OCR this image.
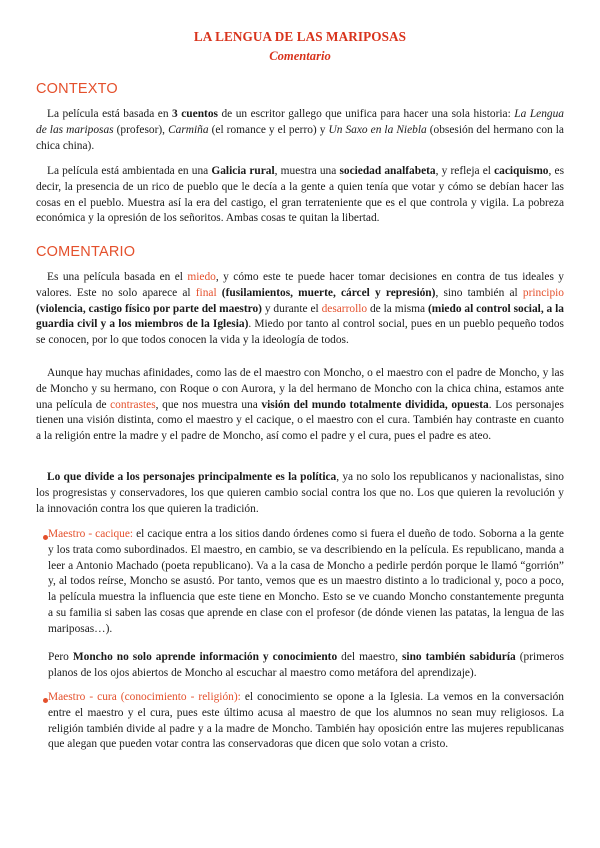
LA LENGUA DE LAS MARIPOSAS
Comentario
CONTEXTO

La película está basada en 3 cuentos de un escritor gallego que unifica para hacer una sola historia: La Lengua de las mariposas (profesor), Carmiña (el romance y el perro) y Un Saxo en la Niebla (obsesión del hermano con la chica china).

La película está ambientada en una Galicia rural, muestra una sociedad analfabeta, y refleja el caciquismo, es decir, la presencia de un rico de pueblo que le decía a la gente a quien tenía que votar y cómo se debían hacer las cosas en el pueblo. Muestra así la era del castigo, el gran terrateniente que es el que controla y vigila. La pobreza económica y la opresión de los señoritos. Ambas cosas te quitan la libertad.

COMENTARIO

Es una película basada en el miedo, y cómo este te puede hacer tomar decisiones en contra de tus ideales y valores. Este no solo aparece al final (fusilamientos, muerte, cárcel y represión), sino también al principio (violencia, castigo físico por parte del maestro) y durante el desarrollo de la misma (miedo al control social, a la guardia civil y a los miembros de la Iglesia). Miedo por tanto al control social, pues en un pueblo pequeño todos se conocen, por lo que todos conocen la vida y la ideología de todos.

Aunque hay muchas afinidades, como las de el maestro con Moncho, o el maestro con el padre de Moncho, y las de Moncho y su hermano, con Roque o con Aurora, y la del hermano de Moncho con la chica china, estamos ante una película de contrastes, que nos muestra una visión del mundo totalmente dividida, opuesta. Los personajes tienen una visión distinta, como el maestro y el cacique, o el maestro con el cura. También hay contraste en cuanto a la religión entre la madre y el padre de Moncho, así como el padre y el cura, pues el padre es ateo.

Lo que divide a los personajes principalmente es la política, ya no solo los republicanos y nacionalistas, sino los progresistas y conservadores, los que quieren cambio social contra los que no. Los que quieren la revolución y la innovación contra los que quieren la tradición.

Maestro - cacique: el cacique entra a los sitios dando órdenes como si fuera el dueño de todo. Soborna a la gente y los trata como subordinados. El maestro, en cambio, se va describiendo en la película. Es republicano, manda a leer a Antonio Machado (poeta republicano). Va a la casa de Moncho a pedirle perdón porque le llamó “gorrión” y, al todos reírse, Moncho se asustó. Por tanto, vemos que es un maestro distinto a lo tradicional y, poco a poco, la película muestra la influencia que este tiene en Moncho. Esto se ve cuando Moncho constantemente pregunta a su familia si saben las cosas que aprende en clase con el profesor (de dónde vienen las patatas, la lengua de las mariposas…).

Pero Moncho no solo aprende información y conocimiento del maestro, sino también sabiduría (primeros planos de los ojos abiertos de Moncho al escuchar al maestro como metáfora del aprendizaje).

Maestro - cura (conocimiento - religión): el conocimiento se opone a la Iglesia. La vemos en la conversación entre el maestro y el cura, pues este último acusa al maestro de que los alumnos no sean muy religiosos. La religión también divide al padre y a la madre de Moncho. También hay oposición entre las mujeres republicanas que alegan que pueden votar contra las conservadoras que dicen que solo votan a cristo.
